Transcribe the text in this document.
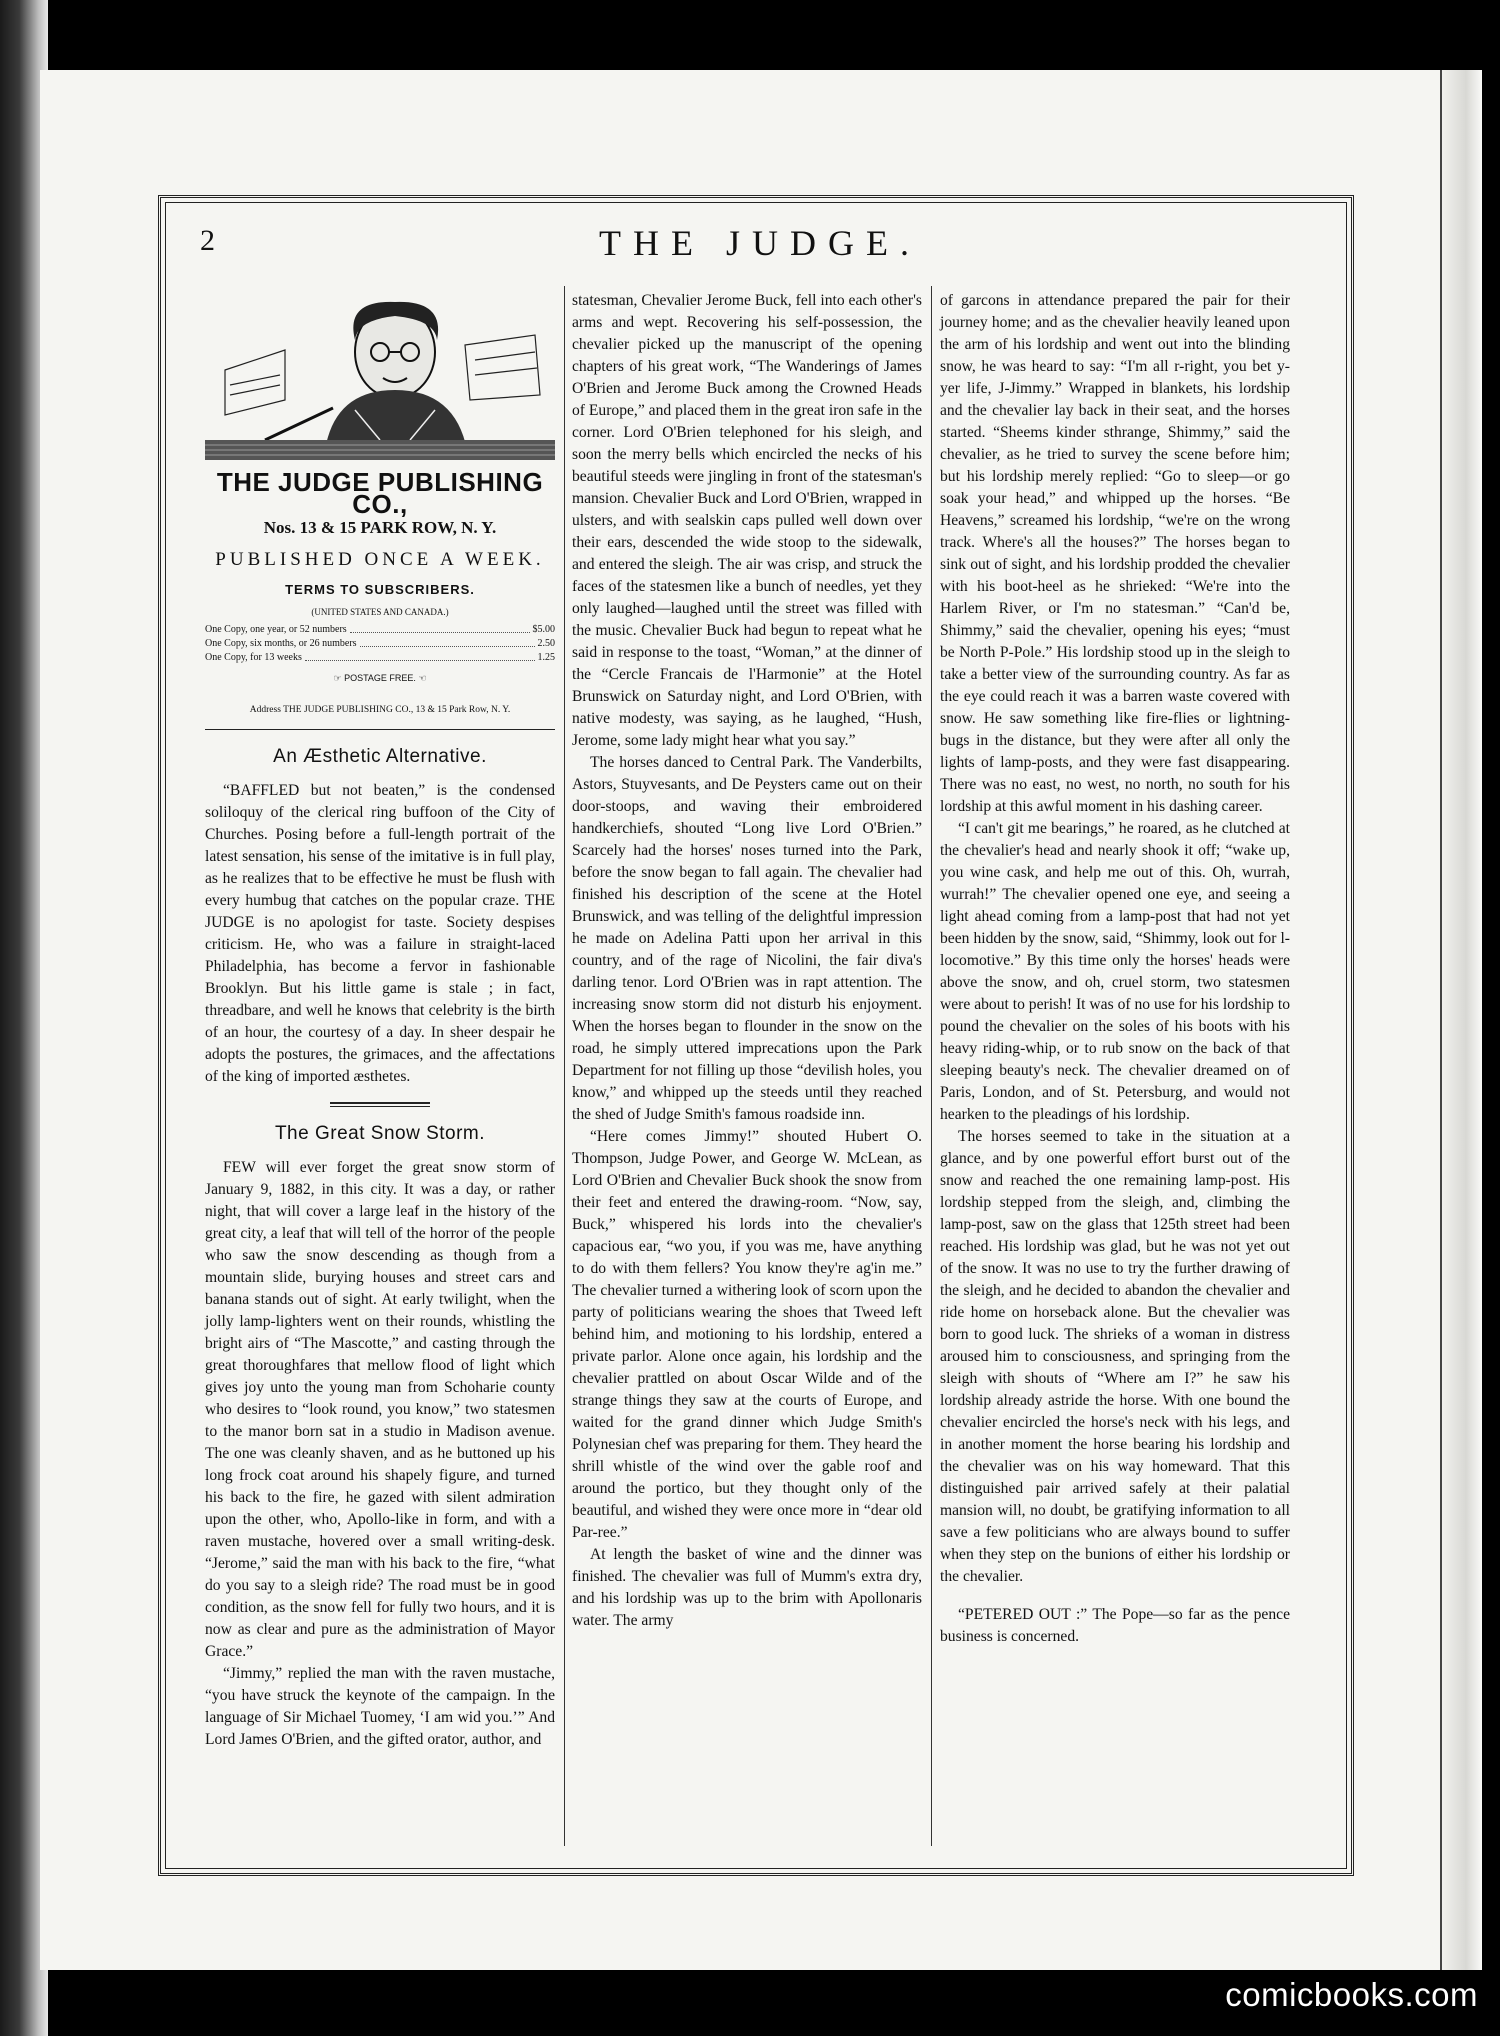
2	THE JUDGE.
THE JUDGE PUBLISHING CO.,
Nos. 13 & 15 PARK ROW, N. Y.
PUBLISHED ONCE A WEEK.
TERMS TO SUBSCRIBERS.
(UNITED STATES AND CANADA.)
One Copy, one year, or 52 numbers	$5.00
One Copy, six months, or 26 numbers	2.50
One Copy, for 13 weeks	1.25
☞ POSTAGE FREE. ☜
Address THE JUDGE PUBLISHING CO., 13 & 15 Park Row, N. Y.
An Æsthetic Alternative.

“BAFFLED but not beaten,” is the condensed soliloquy of the clerical ring buffoon of the City of Churches. Posing before a full-length portrait of the latest sensation, his sense of the imitative is in full play, as he realizes that to be effective he must be flush with every humbug that catches on the popular craze. THE JUDGE is no apologist for taste. Society despises criticism. He, who was a failure in straight-laced Philadelphia, has become a fervor in fashionable Brooklyn. But his little game is stale ; in fact, threadbare, and well he knows that celebrity is the birth of an hour, the courtesy of a day. In sheer despair he adopts the postures, the grimaces, and the affectations of the king of imported æsthetes.

The Great Snow Storm.

FEW will ever forget the great snow storm of January 9, 1882, in this city. It was a day, or rather night, that will cover a large leaf in the history of the great city, a leaf that will tell of the horror of the people who saw the snow descending as though from a mountain slide, burying houses and street cars and banana stands out of sight. At early twilight, when the jolly lamp-lighters went on their rounds, whistling the bright airs of “The Mascotte,” and casting through the great thoroughfares that mellow flood of light which gives joy unto the young man from Schoharie county who desires to “look round, you know,” two statesmen to the manor born sat in a studio in Madison avenue. The one was cleanly shaven, and as he buttoned up his long frock coat around his shapely figure, and turned his back to the fire, he gazed with silent admiration upon the other, who, Apollo-like in form, and with a raven mustache, hovered over a small writing-desk. “Jerome,” said the man with his back to the fire, “what do you say to a sleigh ride? The road must be in good condition, as the snow fell for fully two hours, and it is now as clear and pure as the administration of Mayor Grace.”

“Jimmy,” replied the man with the raven mustache, “you have struck the keynote of the campaign. In the language of Sir Michael Tuomey, ‘I am wid you.’” And Lord James O'Brien, and the gifted orator, author, and

statesman, Chevalier Jerome Buck, fell into each other's arms and wept. Recovering his self-possession, the chevalier picked up the manuscript of the opening chapters of his great work, “The Wanderings of James O'Brien and Jerome Buck among the Crowned Heads of Europe,” and placed them in the great iron safe in the corner. Lord O'Brien telephoned for his sleigh, and soon the merry bells which encircled the necks of his beautiful steeds were jingling in front of the statesman's mansion. Chevalier Buck and Lord O'Brien, wrapped in ulsters, and with sealskin caps pulled well down over their ears, descended the wide stoop to the sidewalk, and entered the sleigh. The air was crisp, and struck the faces of the statesmen like a bunch of needles, yet they only laughed—laughed until the street was filled with the music. Chevalier Buck had begun to repeat what he said in response to the toast, “Woman,” at the dinner of the “Cercle Francais de l'Harmonie” at the Hotel Brunswick on Saturday night, and Lord O'Brien, with native modesty, was saying, as he laughed, “Hush, Jerome, some lady might hear what you say.”

The horses danced to Central Park. The Vanderbilts, Astors, Stuyvesants, and De Peysters came out on their door-stoops, and waving their embroidered handkerchiefs, shouted “Long live Lord O'Brien.” Scarcely had the horses' noses turned into the Park, before the snow began to fall again. The chevalier had finished his description of the scene at the Hotel Brunswick, and was telling of the delightful impression he made on Adelina Patti upon her arrival in this country, and of the rage of Nicolini, the fair diva's darling tenor. Lord O'Brien was in rapt attention. The increasing snow storm did not disturb his enjoyment. When the horses began to flounder in the snow on the road, he simply uttered imprecations upon the Park Department for not filling up those “devilish holes, you know,” and whipped up the steeds until they reached the shed of Judge Smith's famous roadside inn.

“Here comes Jimmy!” shouted Hubert O. Thompson, Judge Power, and George W. McLean, as Lord O'Brien and Chevalier Buck shook the snow from their feet and entered the drawing-room. “Now, say, Buck,” whispered his lords into the chevalier's capacious ear, “wo you, if you was me, have anything to do with them fellers? You know they're ag'in me.” The chevalier turned a withering look of scorn upon the party of politicians wearing the shoes that Tweed left behind him, and motioning to his lordship, entered a private parlor. Alone once again, his lordship and the chevalier prattled on about Oscar Wilde and of the strange things they saw at the courts of Europe, and waited for the grand dinner which Judge Smith's Polynesian chef was preparing for them. They heard the shrill whistle of the wind over the gable roof and around the portico, but they thought only of the beautiful, and wished they were once more in “dear old Par-ree.”

At length the basket of wine and the dinner was finished. The chevalier was full of Mumm's extra dry, and his lordship was up to the brim with Apollonaris water. The army

of garcons in attendance prepared the pair for their journey home; and as the chevalier heavily leaned upon the arm of his lordship and went out into the blinding snow, he was heard to say: “I'm all r-right, you bet y-yer life, J-Jimmy.” Wrapped in blankets, his lordship and the chevalier lay back in their seat, and the horses started. “Sheems kinder sthrange, Shimmy,” said the chevalier, as he tried to survey the scene before him; but his lordship merely replied: “Go to sleep—or go soak your head,” and whipped up the horses. “Be Heavens,” screamed his lordship, “we're on the wrong track. Where's all the houses?” The horses began to sink out of sight, and his lordship prodded the chevalier with his boot-heel as he shrieked: “We're into the Harlem River, or I'm no statesman.” “Can'd be, Shimmy,” said the chevalier, opening his eyes; “must be North P-Pole.” His lordship stood up in the sleigh to take a better view of the surrounding country. As far as the eye could reach it was a barren waste covered with snow. He saw something like fire-flies or lightning-bugs in the distance, but they were after all only the lights of lamp-posts, and they were fast disappearing. There was no east, no west, no north, no south for his lordship at this awful moment in his dashing career.

“I can't git me bearings,” he roared, as he clutched at the chevalier's head and nearly shook it off; “wake up, you wine cask, and help me out of this. Oh, wurrah, wurrah!” The chevalier opened one eye, and seeing a light ahead coming from a lamp-post that had not yet been hidden by the snow, said, “Shimmy, look out for l-locomotive.” By this time only the horses' heads were above the snow, and oh, cruel storm, two statesmen were about to perish! It was of no use for his lordship to pound the chevalier on the soles of his boots with his heavy riding-whip, or to rub snow on the back of that sleeping beauty's neck. The chevalier dreamed on of Paris, London, and of St. Petersburg, and would not hearken to the pleadings of his lordship.

The horses seemed to take in the situation at a glance, and by one powerful effort burst out of the snow and reached the one remaining lamp-post. His lordship stepped from the sleigh, and, climbing the lamp-post, saw on the glass that 125th street had been reached. His lordship was glad, but he was not yet out of the snow. It was no use to try the further drawing of the sleigh, and he decided to abandon the chevalier and ride home on horseback alone. But the chevalier was born to good luck. The shrieks of a woman in distress aroused him to consciousness, and springing from the sleigh with shouts of “Where am I?” he saw his lordship already astride the horse. With one bound the chevalier encircled the horse's neck with his legs, and in another moment the horse bearing his lordship and the chevalier was on his way homeward. That this distinguished pair arrived safely at their palatial mansion will, no doubt, be gratifying information to all save a few politicians who are always bound to suffer when they step on the bunions of either his lordship or the chevalier.

“PETERED OUT :” The Pope—so far as the pence business is concerned.

comicbooks.com
